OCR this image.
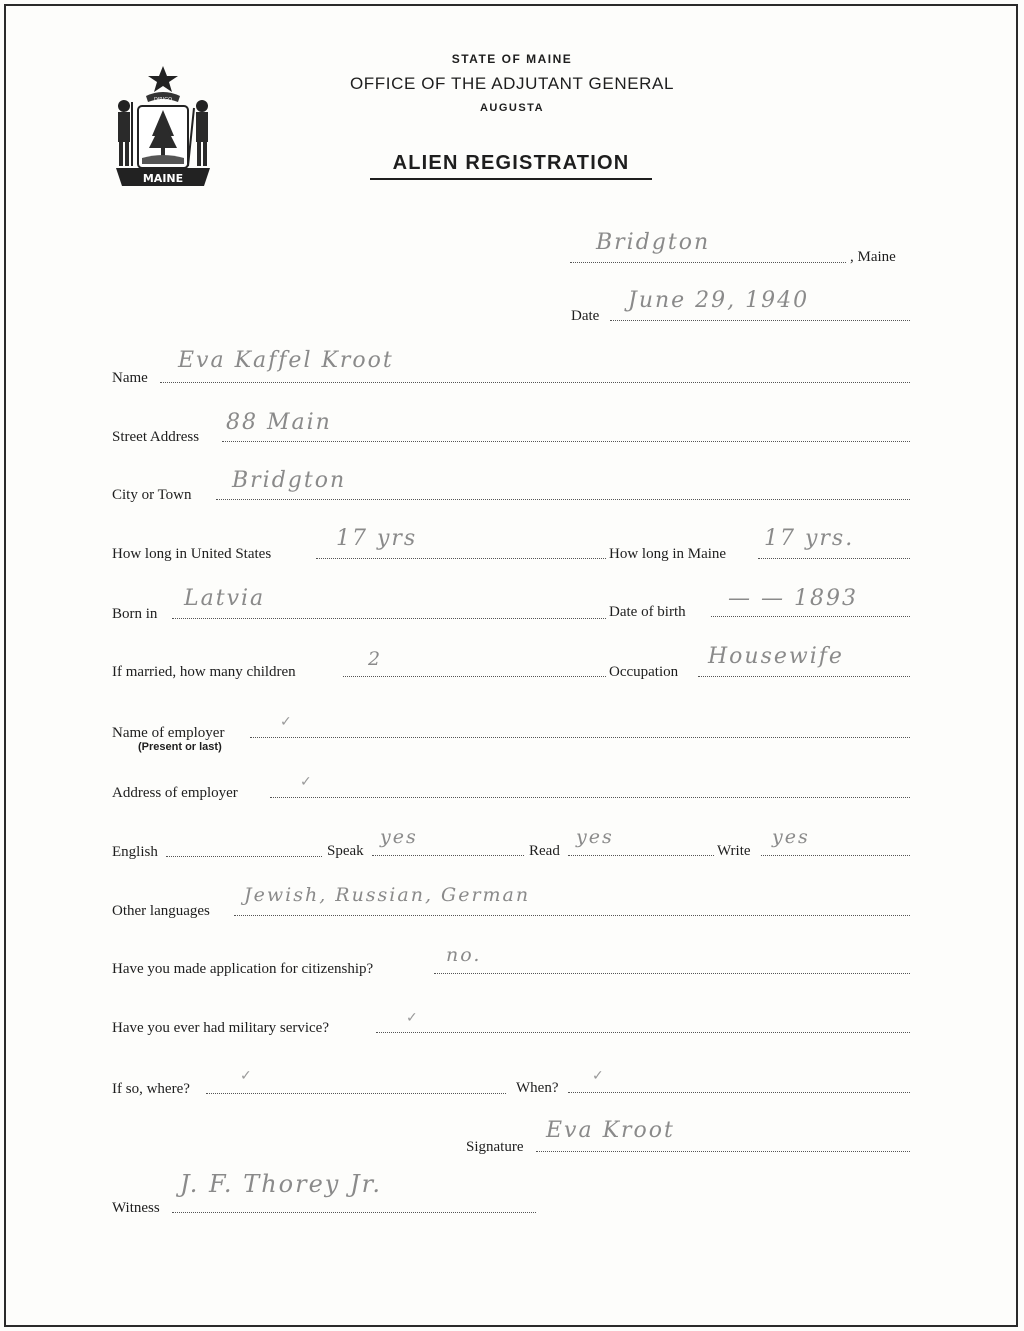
DIRIGO
MAINE
STATE OF MAINE
OFFICE OF THE ADJUTANT GENERAL
AUGUSTA
ALIEN REGISTRATION
Bridgton
, Maine
Date
June 29, 1940
Name
Eva Kaffel Kroot
Street Address
88 Main
City or Town
Bridgton
How long in United States
17 yrs
How long in Maine
17 yrs.
Born in
Latvia
Date of birth
— — 1893
If married, how many children
2
Occupation
Housewife
Name of employer
(Present or last)
✓
Address of employer
✓
English	Speak
yes
Read
yes
Write
yes
Other languages
Jewish, Russian, German
Have you made application for citizenship?
no.
Have you ever had military service?
✓
If so, where?
✓
When?
✓
Signature
Eva Kroot
Witness
J. F. Thorey Jr.
